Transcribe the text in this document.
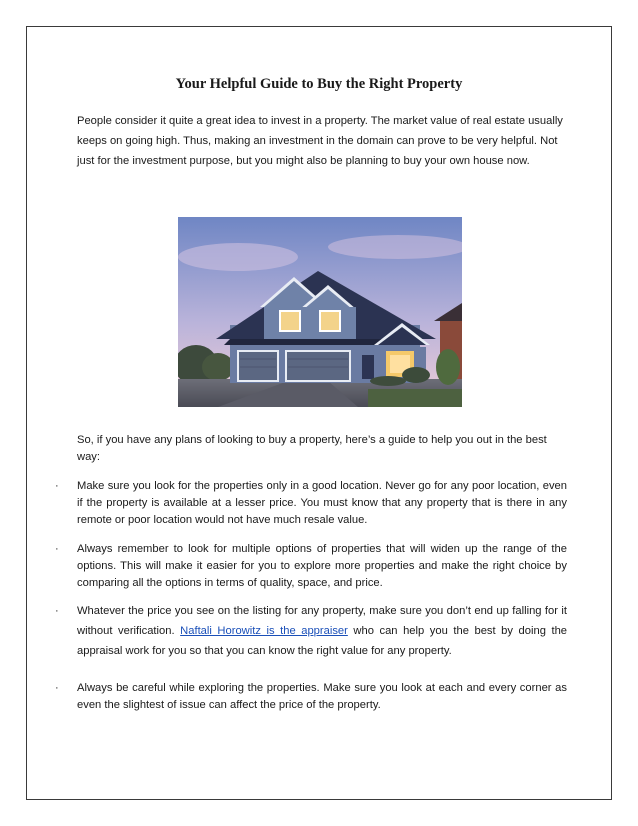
Your Helpful Guide to Buy the Right Property
People consider it quite a great idea to invest in a property. The market value of real estate usually keeps on going high. Thus, making an investment in the domain can prove to be very helpful. Not just for the investment purpose, but you might also be planning to buy your own house now.
So, if you have any plans of looking to buy a property, here’s a guide to help you out in the best way:
· Make sure you look for the properties only in a good location. Never go for any poor location, even if the property is available at a lesser price. You must know that any property that is there in any remote or poor location would not have much resale value.
· Always remember to look for multiple options of properties that will widen up the range of the options. This will make it easier for you to explore more properties and make the right choice by comparing all the options in terms of quality, space, and price.
· Whatever the price you see on the listing for any property, make sure you don’t end up falling for it without verification. Naftali Horowitz is the appraiser who can help you the best by doing the appraisal work for you so that you can know the right value for any property.
· Always be careful while exploring the properties. Make sure you look at each and every corner as even the slightest of issue can affect the price of the property.
